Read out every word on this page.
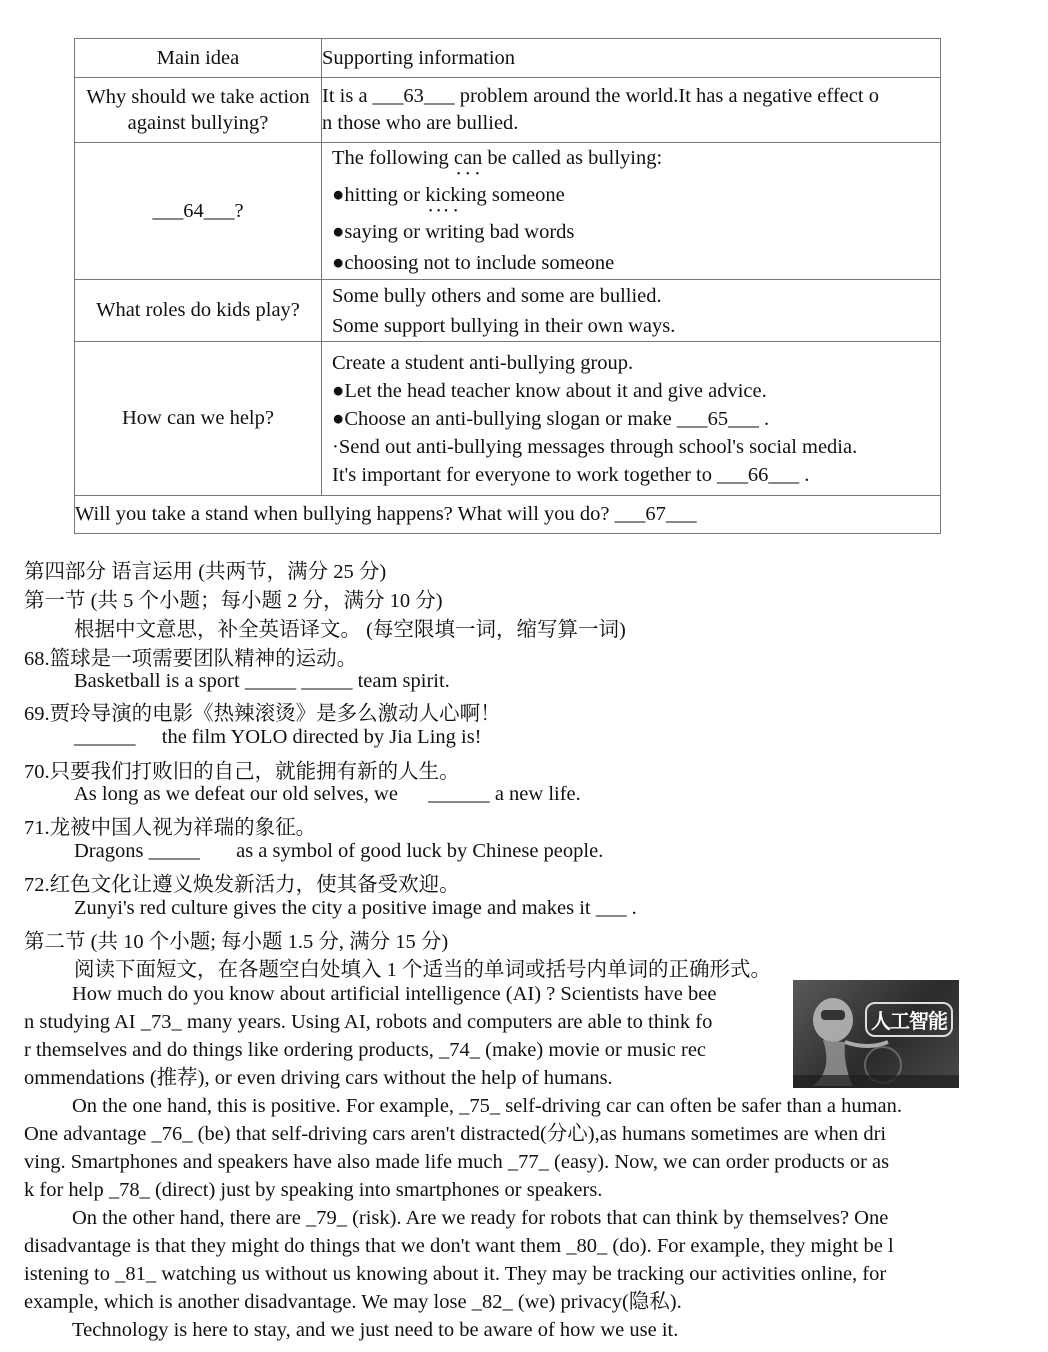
Main idea	Supporting information

Why should we take action against bullying?	It is a ___63___ problem around the world.It has a negative effect o
n those who are bullied.

___64___?	The following can be called as bullying:
●hitting or kicking someone
●saying or writing bad words
●choosing not to include someone

What roles do kids play?	Some bully others and some are bullied.
Some support bullying in their own ways.

How can we help?	Create a student anti-bullying group.
●Let the head teacher know about it and give advice.
●Choose an anti-bullying slogan or make ___65___ .
·Send out anti-bullying messages through school's social media.
It's important for everyone to work together to ___66___ .

Will you take a stand when bullying happens? What will you do? ___67___	
第四部分 语言运用 (共两节，满分 25 分)
第一节 (共 5 个小题；每小题 2 分，满分 10 分)
根据中文意思，补全英语译文。 (每空限填一词，缩写算一词)
68.篮球是一项需要团队精神的运动。
Basketball is a sport _____ _____ team spirit.
69.贾玲导演的电影《热辣滚烫》是多么激动人心啊！
______ the film YOLO directed by Jia Ling is!
70.只要我们打败旧的自己，就能拥有新的人生。
As long as we defeat our old selves, we ______ a new life.
71.龙被中国人视为祥瑞的象征。
Dragons _____ as a symbol of good luck by Chinese people.
72.红色文化让遵义焕发新活力，使其备受欢迎。
Zunyi's red culture gives the city a positive image and makes it ___ .
第二节 (共 10 个小题; 每小题 1.5 分, 满分 15 分)
阅读下面短文，在各题空白处填入 1 个适当的单词或括号内单词的正确形式。
How much do you know about artificial intelligence (AI) ? Scientists have bee
n studying AI _73_ many years. Using AI, robots and computers are able to think fo
r themselves and do things like ordering products, _74_ (make) movie or music rec
ommendations (推荐), or even driving cars without the help of humans.
On the one hand, this is positive. For example, _75_ self-driving car can often be safer than a human.
One advantage _76_ (be) that self-driving cars aren't distracted(分心),as humans sometimes are when dri
ving. Smartphones and speakers have also made life much _77_ (easy). Now, we can order products or as
k for help _78_ (direct) just by speaking into smartphones or speakers.
On the other hand, there are _79_ (risk). Are we ready for robots that can think by themselves? One
disadvantage is that they might do things that we don't want them _80_ (do). For example, they might be l
istening to _81_ watching us without us knowing about it. They may be tracking our activities online, for
example, which is another disadvantage. We may lose _82_ (we) privacy(隐私).
Technology is here to stay, and we just need to be aware of how we use it.
人工智能
